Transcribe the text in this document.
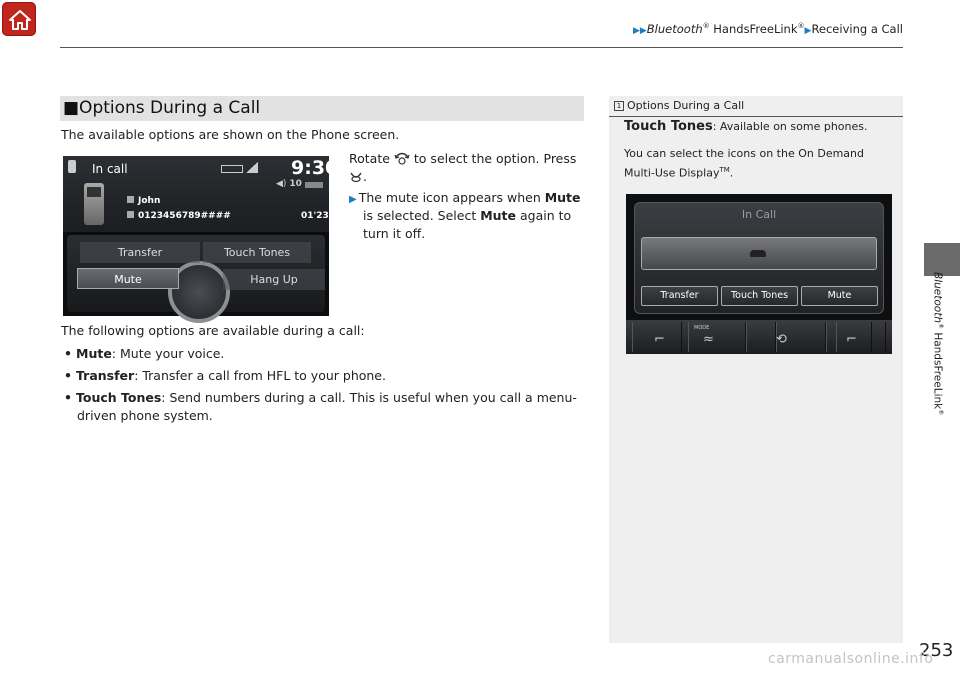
▶▶Bluetooth® HandsFreeLink®▶Receiving a Call
Bluetooth® HandsFreeLink®
■Options During a Call
The available options are shown on the Phone screen.
In call	9:30
◀) 10
John
0123456789####	01'23
Transfer	Touch Tones
Mute	Hang Up
Rotate to select the option. Press
.
▶ The mute icon appears when Mute
is selected. Select Mute again to
turn it off.
The following options are available during a call:
• Mute: Mute your voice.
• Transfer: Transfer a call from HFL to your phone.
• Touch Tones: Send numbers during a call. This is useful when you call a menu-
driven phone system.
1 Options During a Call
Touch Tones: Available on some phones.
You can select the icons on the On Demand
Multi-Use Display™.
In Call
Transfer	Touch Tones	Mute
⌐
MODE
≈	⟲	⌐
253
carmanualsonline.info
